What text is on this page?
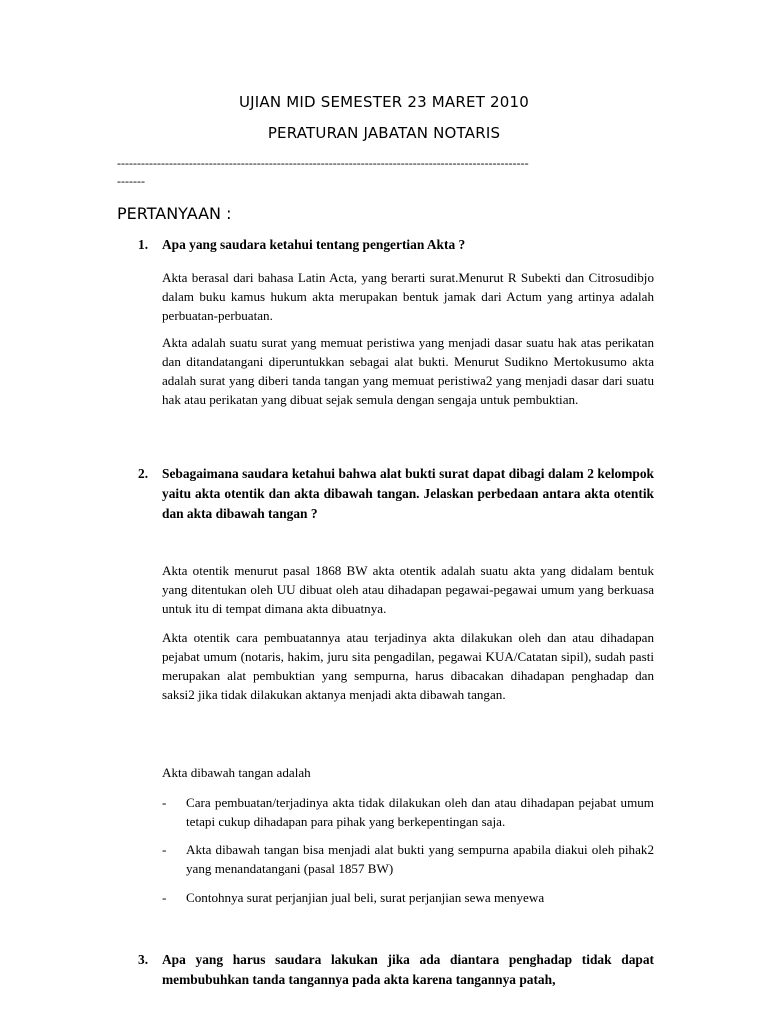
UJIAN MID SEMESTER 23 MARET 2010
PERATURAN JABATAN NOTARIS
-------------------------------------------------------------------------------------------------------
-------
PERTANYAAN :
1. Apa yang saudara ketahui tentang pengertian Akta ?
Akta berasal dari bahasa Latin Acta, yang berarti surat.Menurut R Subekti dan Citrosudibjo dalam buku kamus hukum akta merupakan bentuk jamak dari Actum yang artinya adalah perbuatan-perbuatan.
Akta adalah suatu surat yang memuat peristiwa yang menjadi dasar suatu hak atas perikatan dan ditandatangani diperuntukkan sebagai alat bukti. Menurut Sudikno Mertokusumo akta adalah surat yang diberi tanda tangan yang memuat peristiwa2 yang menjadi dasar dari suatu hak atau perikatan yang dibuat sejak semula dengan sengaja untuk pembuktian.
2. Sebagaimana saudara ketahui bahwa alat bukti surat dapat dibagi dalam 2 kelompok yaitu akta otentik dan akta dibawah tangan. Jelaskan perbedaan antara akta otentik dan akta dibawah tangan ?
Akta otentik menurut pasal 1868 BW akta otentik adalah suatu akta yang didalam bentuk yang ditentukan oleh UU dibuat oleh atau dihadapan pegawai-pegawai umum yang berkuasa untuk itu di tempat dimana akta dibuatnya.
Akta otentik cara pembuatannya atau terjadinya akta dilakukan oleh dan atau dihadapan pejabat umum (notaris, hakim, juru sita pengadilan, pegawai KUA/Catatan sipil), sudah pasti merupakan alat pembuktian yang sempurna, harus dibacakan dihadapan penghadap dan saksi2 jika tidak dilakukan aktanya menjadi akta dibawah tangan.
Akta dibawah tangan adalah
- Cara pembuatan/terjadinya akta tidak dilakukan oleh dan atau dihadapan pejabat umum tetapi cukup dihadapan para pihak yang berkepentingan saja.
- Akta dibawah tangan bisa menjadi alat bukti yang sempurna apabila diakui oleh pihak2 yang menandatangani (pasal 1857 BW)
- Contohnya surat perjanjian jual beli, surat perjanjian sewa menyewa
3. Apa yang harus saudara lakukan jika ada diantara penghadap tidak dapat membubuhkan tanda tangannya pada akta karena tangannya patah,
